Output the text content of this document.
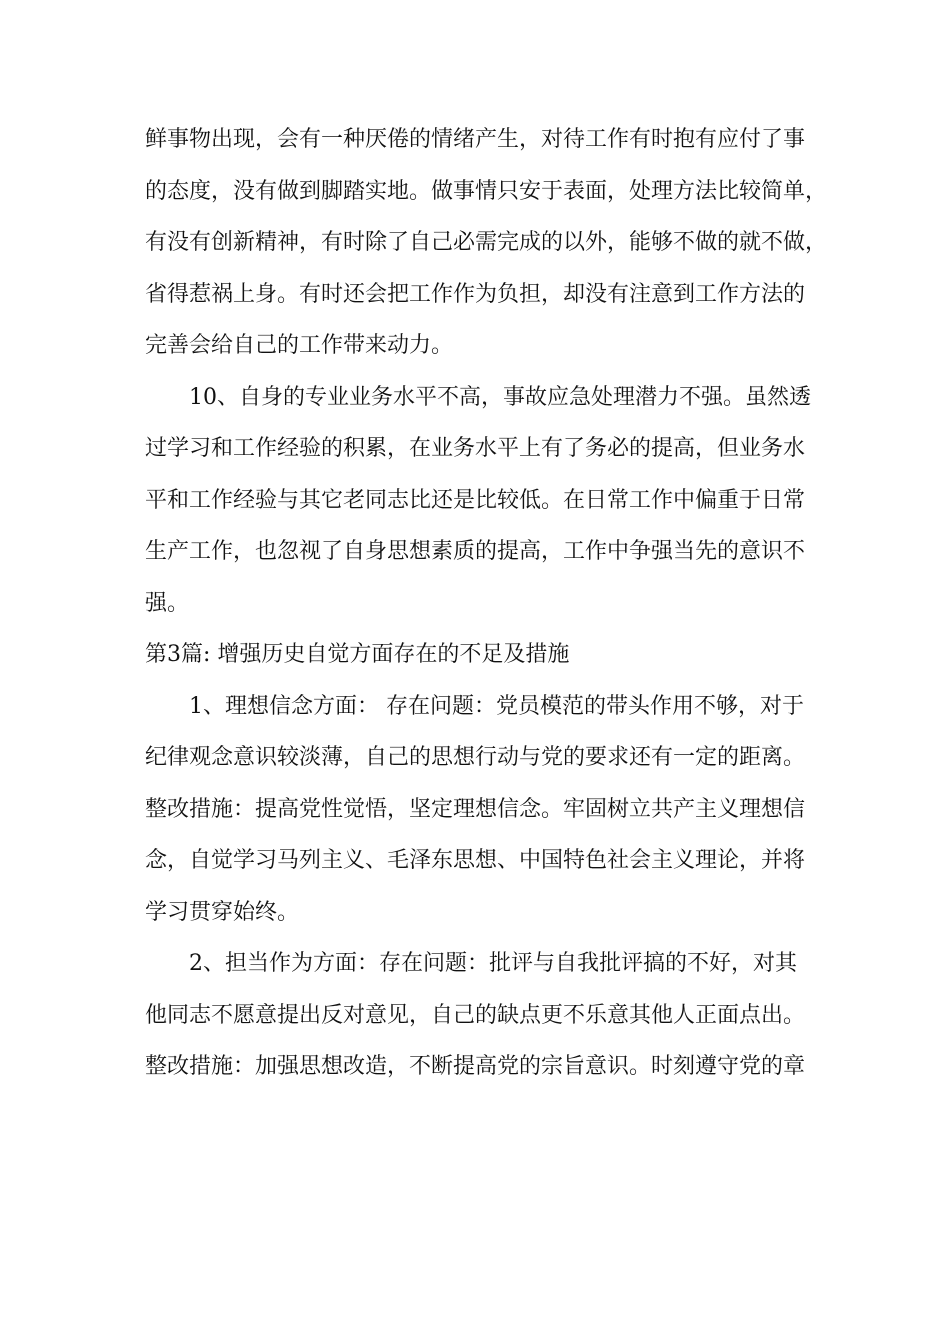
鲜事物出现，会有一种厌倦的情绪产生，对待工作有时抱有应付了事
的态度，没有做到脚踏实地。做事情只安于表面，处理方法比较简单，
有没有创新精神，有时除了自己必需完成的以外，能够不做的就不做，
省得惹祸上身。有时还会把工作作为负担，却没有注意到工作方法的
完善会给自己的工作带来动力。
10、自身的专业业务水平不高，事故应急处理潜力不强。虽然透
过学习和工作经验的积累，在业务水平上有了务必的提高，但业务水
平和工作经验与其它老同志比还是比较低。在日常工作中偏重于日常
生产工作，也忽视了自身思想素质的提高，工作中争强当先的意识不
强。
第3篇: 增强历史自觉方面存在的不足及措施
1、理想信念方面： 存在问题：党员模范的带头作用不够，对于
纪律观念意识较淡薄，自己的思想行动与党的要求还有一定的距离。
整改措施：提高党性觉悟，坚定理想信念。牢固树立共产主义理想信
念，自觉学习马列主义、毛泽东思想、中国特色社会主义理论，并将
学习贯穿始终。
2、担当作为方面：存在问题：批评与自我批评搞的不好，对其
他同志不愿意提出反对意见，自己的缺点更不乐意其他人正面点出。
整改措施：加强思想改造，不断提高党的宗旨意识。时刻遵守党的章
